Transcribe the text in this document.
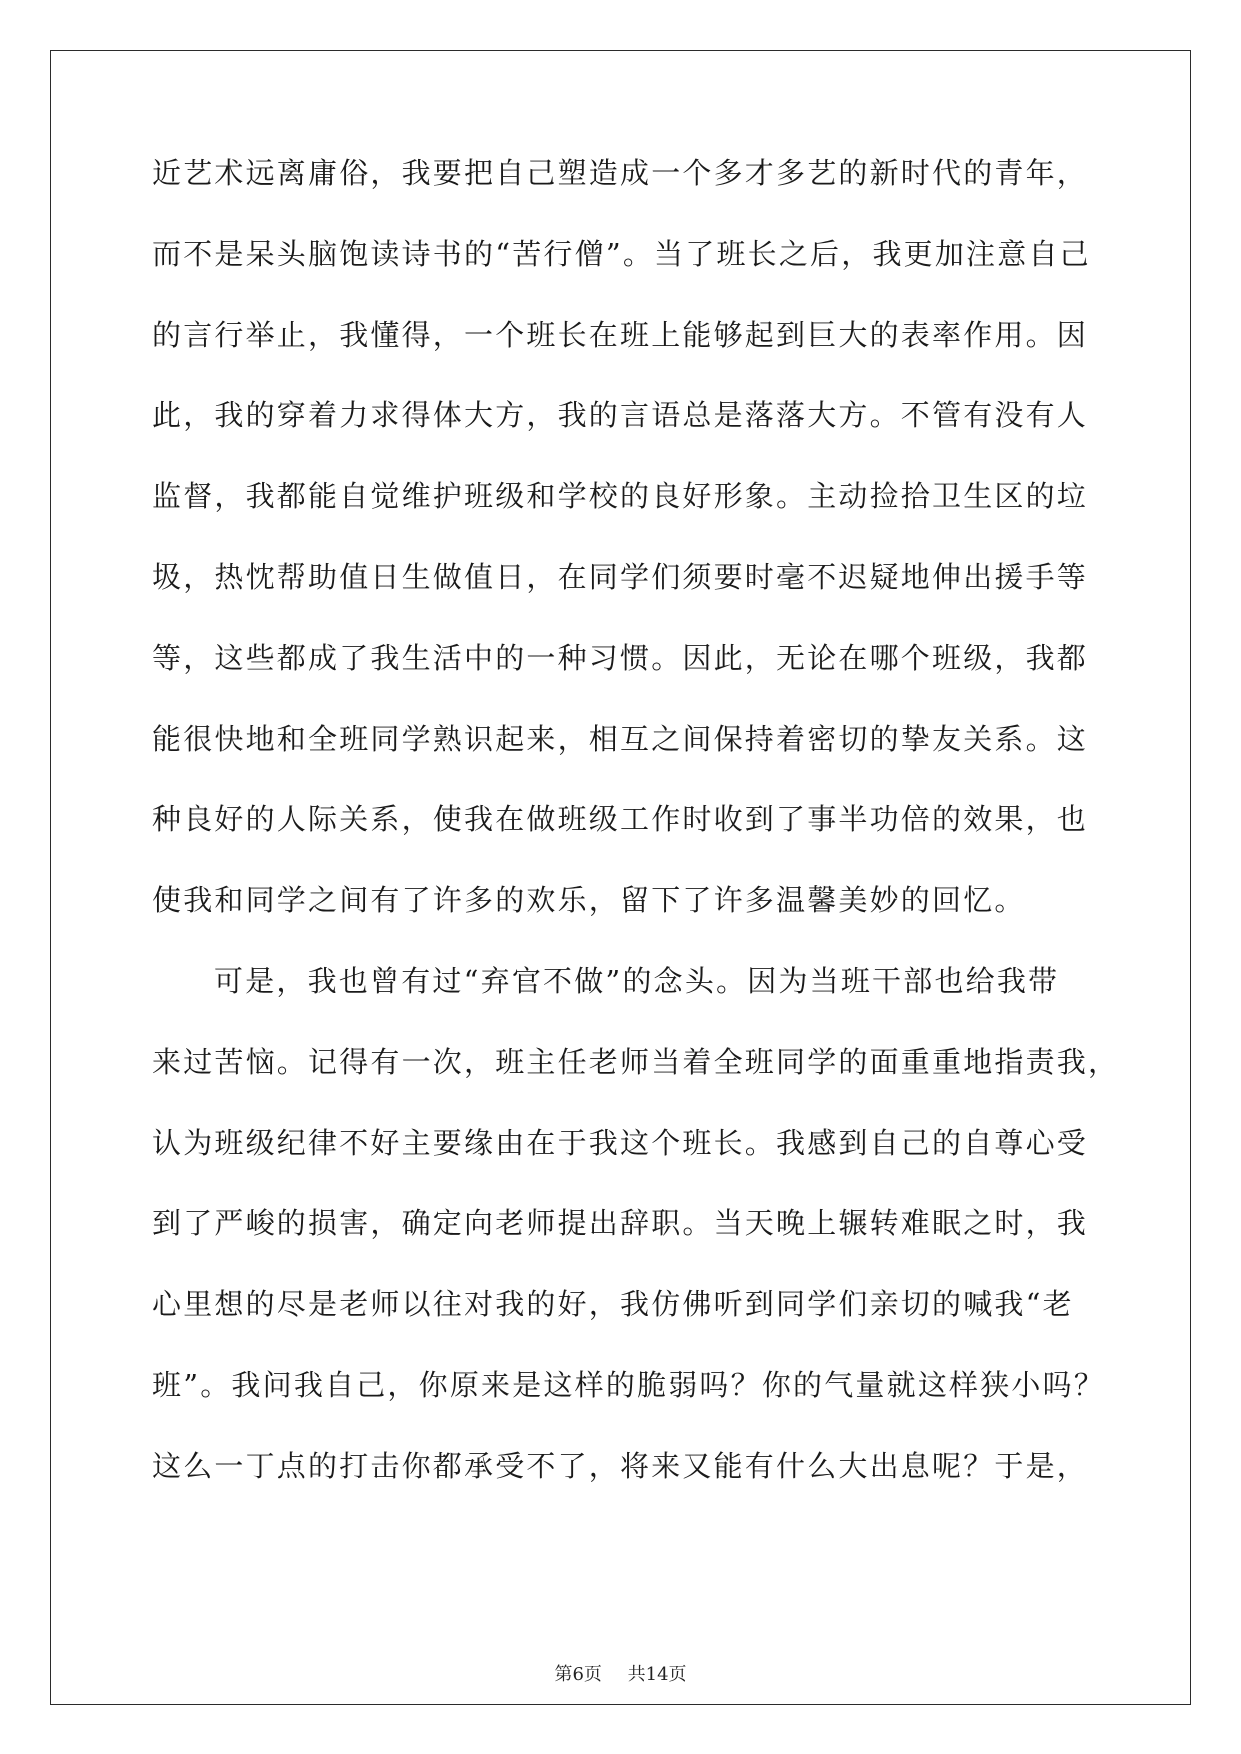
近艺术远离庸俗，我要把自己塑造成一个多才多艺的新时代的青年，
而不是呆头脑饱读诗书的“苦行僧”。当了班长之后，我更加注意自己
的言行举止，我懂得，一个班长在班上能够起到巨大的表率作用。因
此，我的穿着力求得体大方，我的言语总是落落大方。不管有没有人
监督，我都能自觉维护班级和学校的良好形象。主动捡拾卫生区的垃
圾，热忱帮助值日生做值日，在同学们须要时毫不迟疑地伸出援手等
等，这些都成了我生活中的一种习惯。因此，无论在哪个班级，我都
能很快地和全班同学熟识起来，相互之间保持着密切的挚友关系。这
种良好的人际关系，使我在做班级工作时收到了事半功倍的效果，也
使我和同学之间有了许多的欢乐，留下了许多温馨美妙的回忆。
可是，我也曾有过“弃官不做”的念头。因为当班干部也给我带
来过苦恼。记得有一次，班主任老师当着全班同学的面重重地指责我，
认为班级纪律不好主要缘由在于我这个班长。我感到自己的自尊心受
到了严峻的损害，确定向老师提出辞职。当天晚上辗转难眠之时，我
心里想的尽是老师以往对我的好，我仿佛听到同学们亲切的喊我“老
班”。我问我自己，你原来是这样的脆弱吗？你的气量就这样狭小吗？
这么一丁点的打击你都承受不了，将来又能有什么大出息呢？于是，
第6页 共14页
